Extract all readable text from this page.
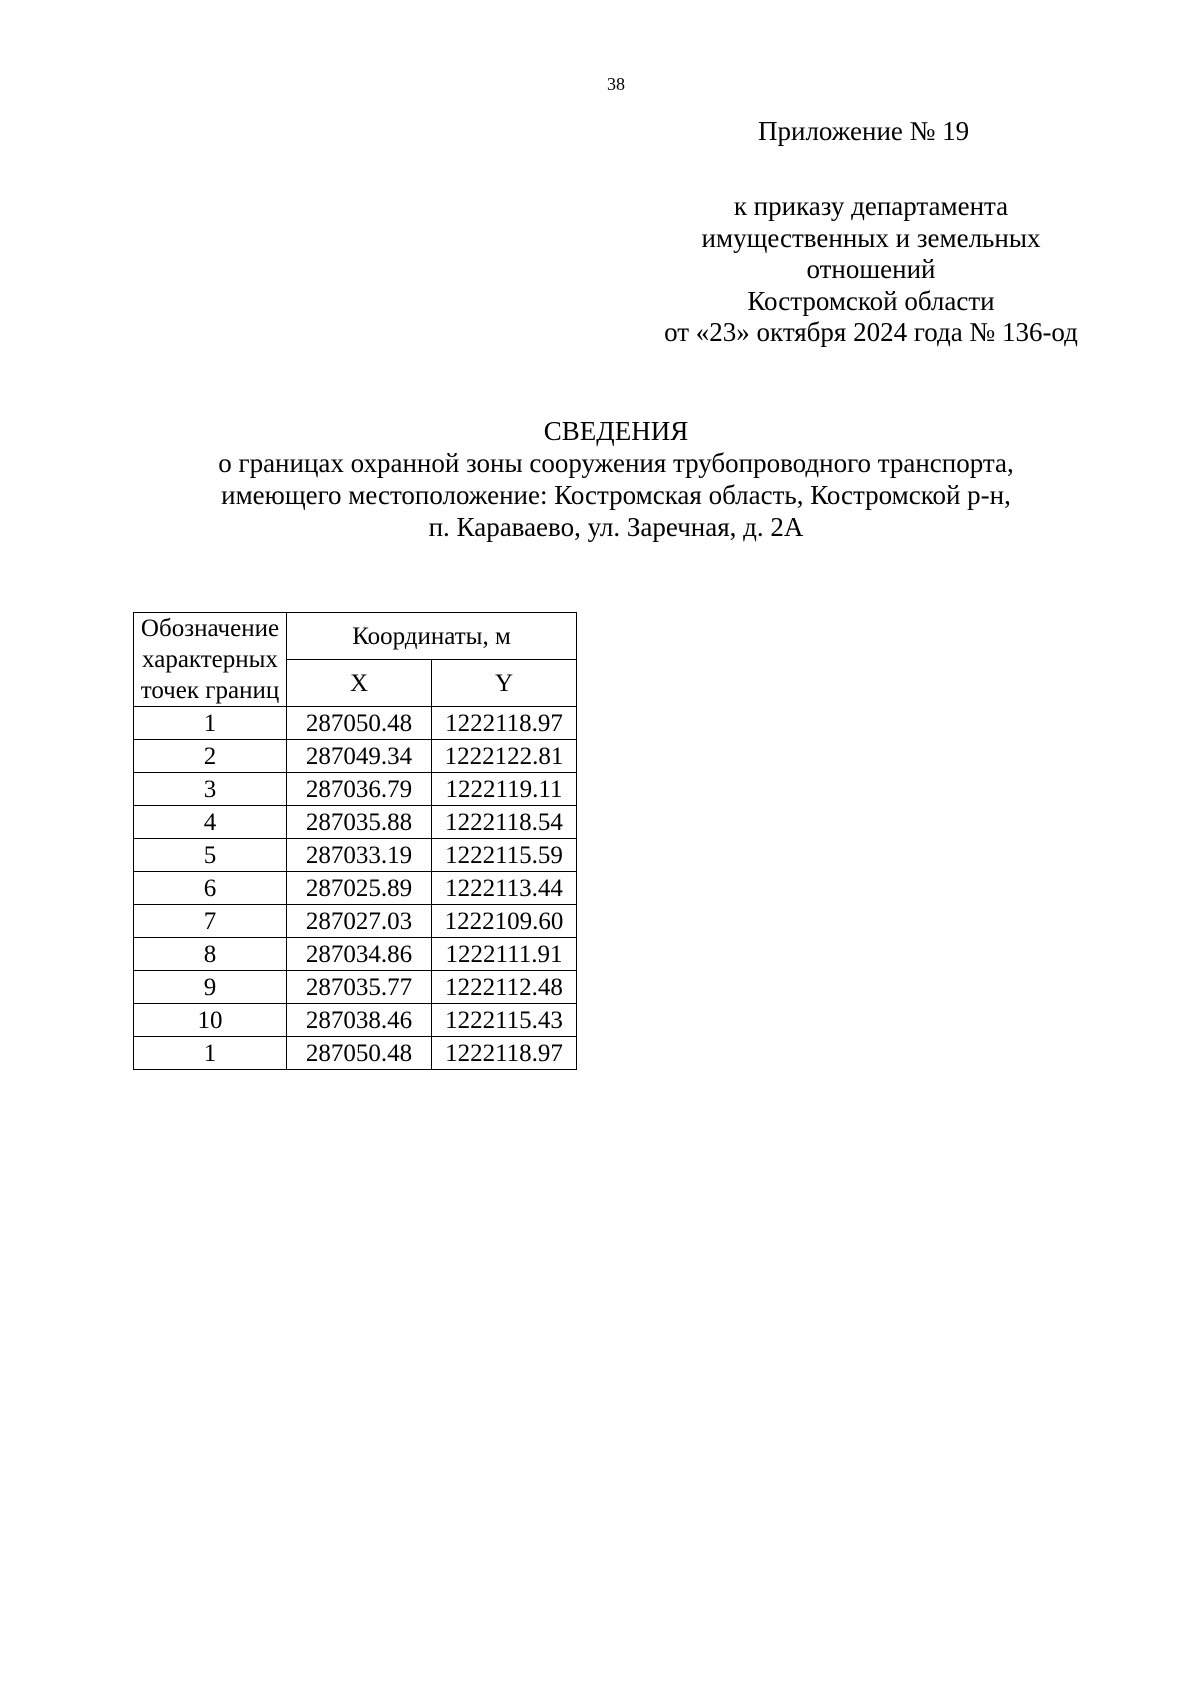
38
Приложение № 19
к приказу департамента
имущественных и земельных
отношений
Костромской области
от «23» октября 2024 года № 136-од
СВЕДЕНИЯ
о границах охранной зоны сооружения трубопроводного транспорта,
имеющего местоположение: Костромская область, Костромской р-н,
п. Караваево, ул. Заречная, д. 2А
Обозначение
характерных
точек границ	Координаты, м	
	X	Y
1	287050.48	1222118.97
2	287049.34	1222122.81
3	287036.79	1222119.11
4	287035.88	1222118.54
5	287033.19	1222115.59
6	287025.89	1222113.44
7	287027.03	1222109.60
8	287034.86	1222111.91
9	287035.77	1222112.48
10	287038.46	1222115.43
1	287050.48	1222118.97
